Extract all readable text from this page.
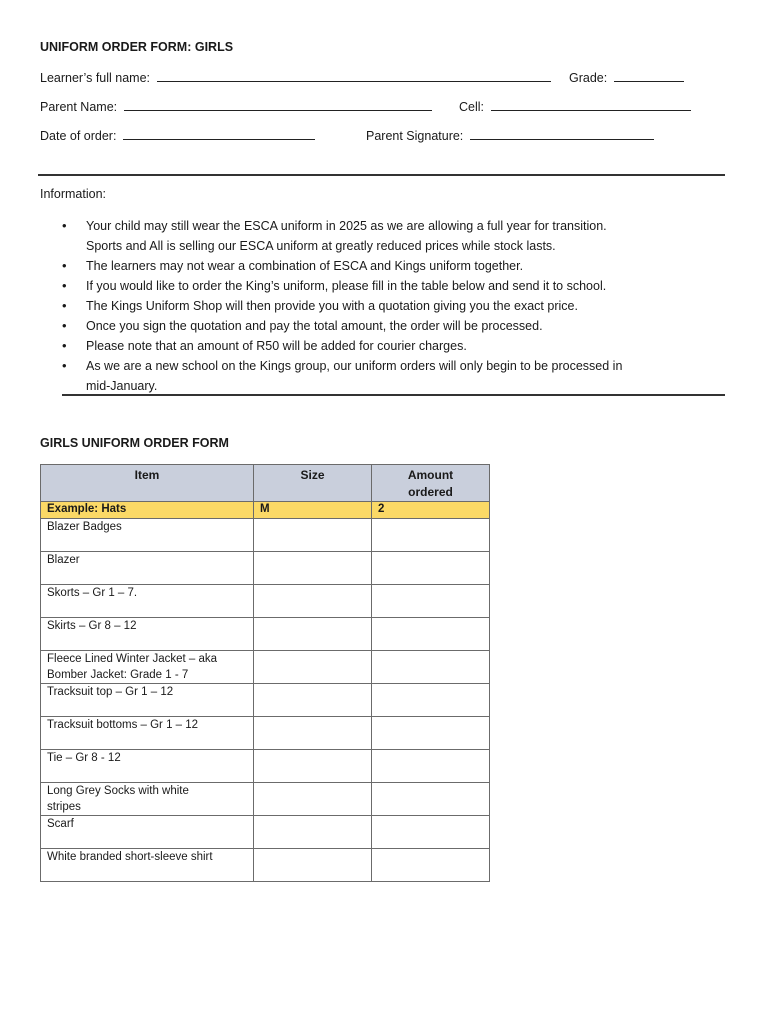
UNIFORM ORDER FORM: GIRLS
Learner’s full name:	Grade:
Parent Name:	Cell:
Date of order:	Parent Signature:
Information:
• Your child may still wear the ESCA uniform in 2025 as we are allowing a full year for transition.
Sports and All is selling our ESCA uniform at greatly reduced prices while stock lasts.
• The learners may not wear a combination of ESCA and Kings uniform together.
• If you would like to order the King’s uniform, please fill in the table below and send it to school.
• The Kings Uniform Shop will then provide you with a quotation giving you the exact price.
• Once you sign the quotation and pay the total amount, the order will be processed.
• Please note that an amount of R50 will be added for courier charges.
• As we are a new school on the Kings group, our uniform orders will only begin to be processed in
mid-January.
GIRLS UNIFORM ORDER FORM
Item	Size	Amount
ordered
Example: Hats	M	2
Blazer Badges		
Blazer		
Skorts – Gr 1 – 7.		
Skirts – Gr 8 – 12		
Fleece Lined Winter Jacket – aka
Bomber Jacket: Grade 1 - 7		
Tracksuit top – Gr 1 – 12		
Tracksuit bottoms – Gr 1 – 12		
Tie – Gr 8 - 12		
Long Grey Socks with white
stripes		
Scarf		
White branded short-sleeve shirt		
